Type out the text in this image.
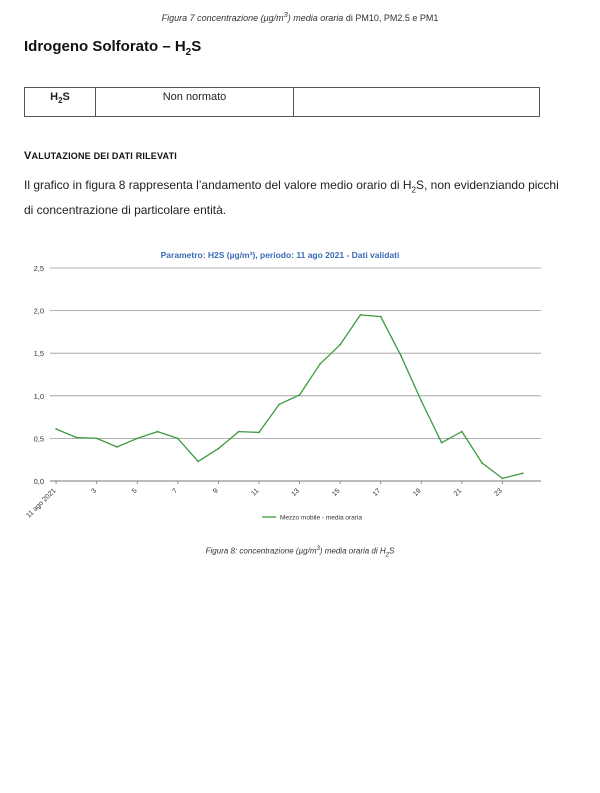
Figura 7 concentrazione $(\mu g/m^3)$ media oraria di PM10, PM2.5 e PM1
Idrogeno Solforato – $H_2S$
$H_2S$	Non normato	
VALUTAZIONE DEI DATI RILEVATI
Il grafico in figura 8 rappresenta l’andamento del valore medio orario di $H_2S$, non evidenziando picchi di concentrazione di particolare entità.
Parametro: H2S (µg/m³), periodo: 11 ago 2021 - Dati validati
0,0
0,5
1,0
1,5
2,0
2,5
11 ago 2021	3	5	7	9	11	13	15	17	19	21	23
Mezzo mobile - media oraria
Figura 8: concentrazione $(\mu g/m^3)$ media oraria di $H_2S$
